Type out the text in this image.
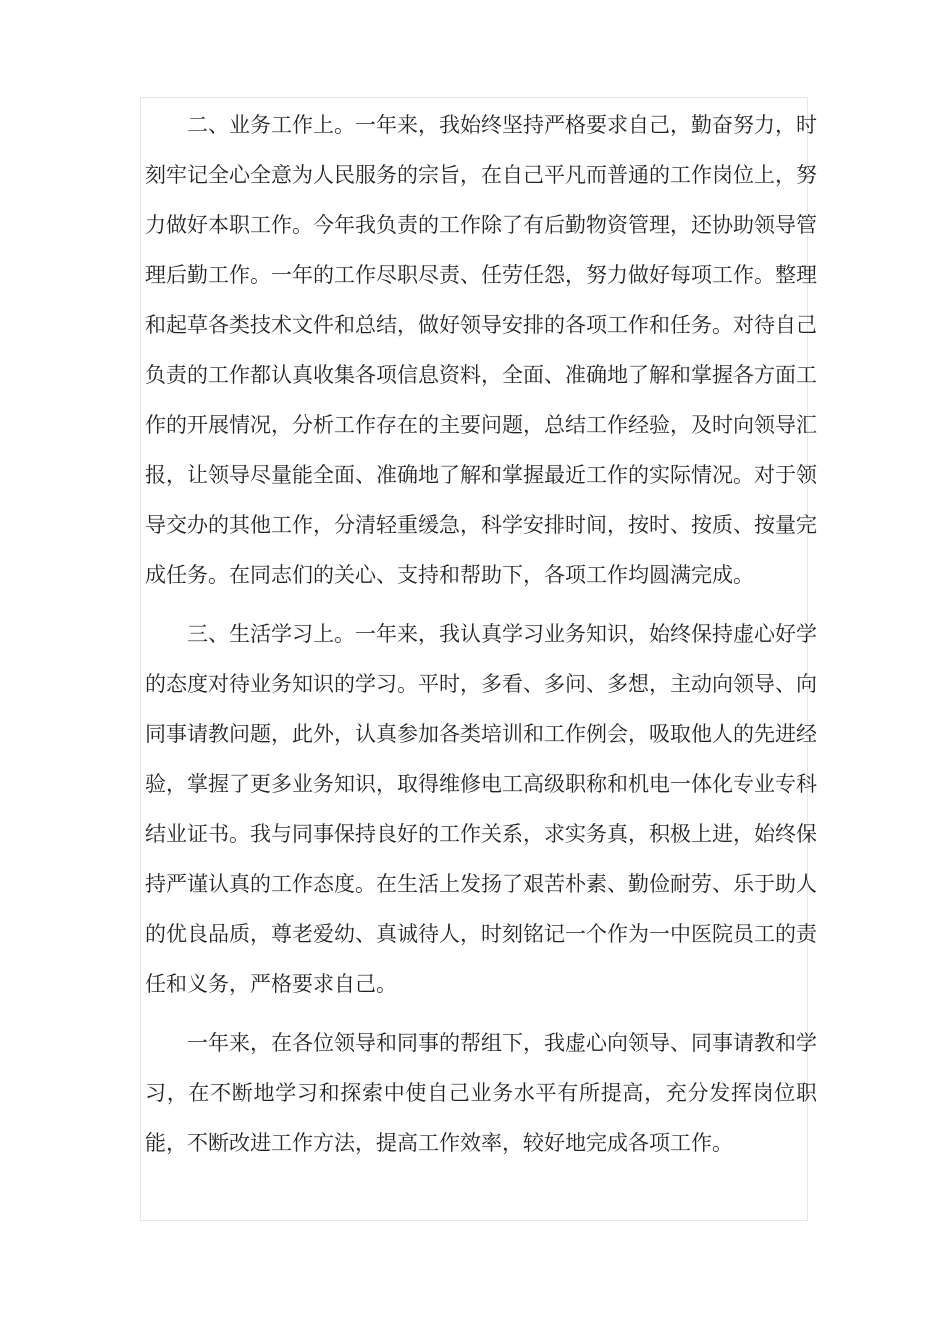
二、业务工作上。一年来，我始终坚持严格要求自己，勤奋努力，时刻牢记全心全意为人民服务的宗旨，在自己平凡而普通的工作岗位上，努力做好本职工作。今年我负责的工作除了有后勤物资管理，还协助领导管理后勤工作。一年的工作尽职尽责、任劳任怨，努力做好每项工作。整理和起草各类技术文件和总结，做好领导安排的各项工作和任务。对待自己负责的工作都认真收集各项信息资料，全面、准确地了解和掌握各方面工作的开展情况，分析工作存在的主要问题，总结工作经验，及时向领导汇报，让领导尽量能全面、准确地了解和掌握最近工作的实际情况。对于领导交办的其他工作，分清轻重缓急，科学安排时间，按时、按质、按量完成任务。在同志们的关心、支持和帮助下，各项工作均圆满完成。

三、生活学习上。一年来，我认真学习业务知识，始终保持虚心好学的态度对待业务知识的学习。平时，多看、多问、多想，主动向领导、向同事请教问题，此外，认真参加各类培训和工作例会，吸取他人的先进经验，掌握了更多业务知识，取得维修电工高级职称和机电一体化专业专科结业证书。我与同事保持良好的工作关系，求实务真，积极上进，始终保持严谨认真的工作态度。在生活上发扬了艰苦朴素、勤俭耐劳、乐于助人的优良品质，尊老爱幼、真诚待人，时刻铭记一个作为一中医院员工的责任和义务，严格要求自己。

一年来，在各位领导和同事的帮组下，我虚心向领导、同事请教和学习，在不断地学习和探索中使自己业务水平有所提高，充分发挥岗位职能，不断改进工作方法，提高工作效率，较好地完成各项工作。
